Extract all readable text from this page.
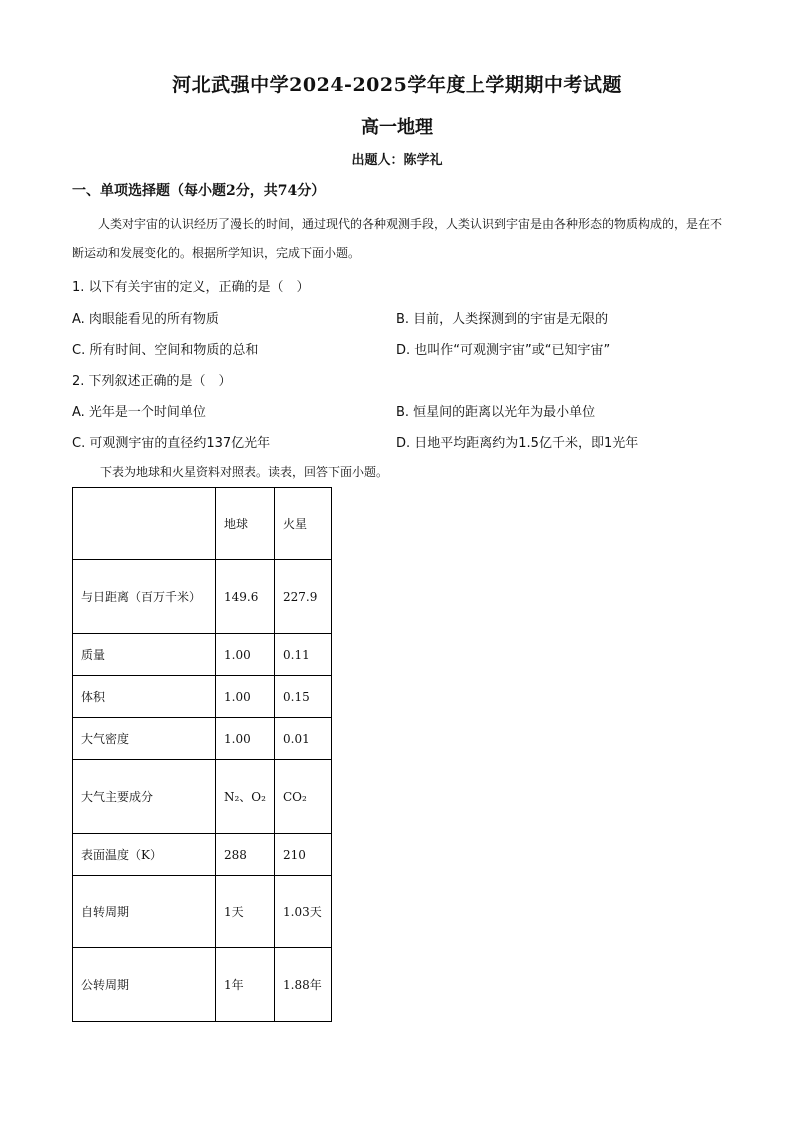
河北武强中学2024-2025学年度上学期期中考试题
高一地理
出题人：陈学礼
一、单项选择题（每小题2分，共74分）
人类对宇宙的认识经历了漫长的时间，通过现代的各种观测手段，人类认识到宇宙是由各种形态的物质构成的，是在不断运动和发展变化的。根据所学知识，完成下面小题。
1. 以下有关宇宙的定义，正确的是（　）
A. 肉眼能看见的所有物质	B. 目前，人类探测到的宇宙是无限的
C. 所有时间、空间和物质的总和	D. 也叫作“可观测宇宙”或“已知宇宙”
2. 下列叙述正确的是（　）
A. 光年是一个时间单位	B. 恒星间的距离以光年为最小单位
C. 可观测宇宙的直径约137亿光年	D. 日地平均距离约为1.5亿千米，即1光年
下表为地球和火星资料对照表。读表，回答下面小题。
	地球	火星
与日距离（百万千米）	149.6	227.9
质量	1.00	0.11
体积	1.00	0.15
大气密度	1.00	0.01
大气主要成分	N₂、O₂	CO₂
表面温度（K）	288	210
自转周期	1天	1.03天
公转周期	1年	1.88年
